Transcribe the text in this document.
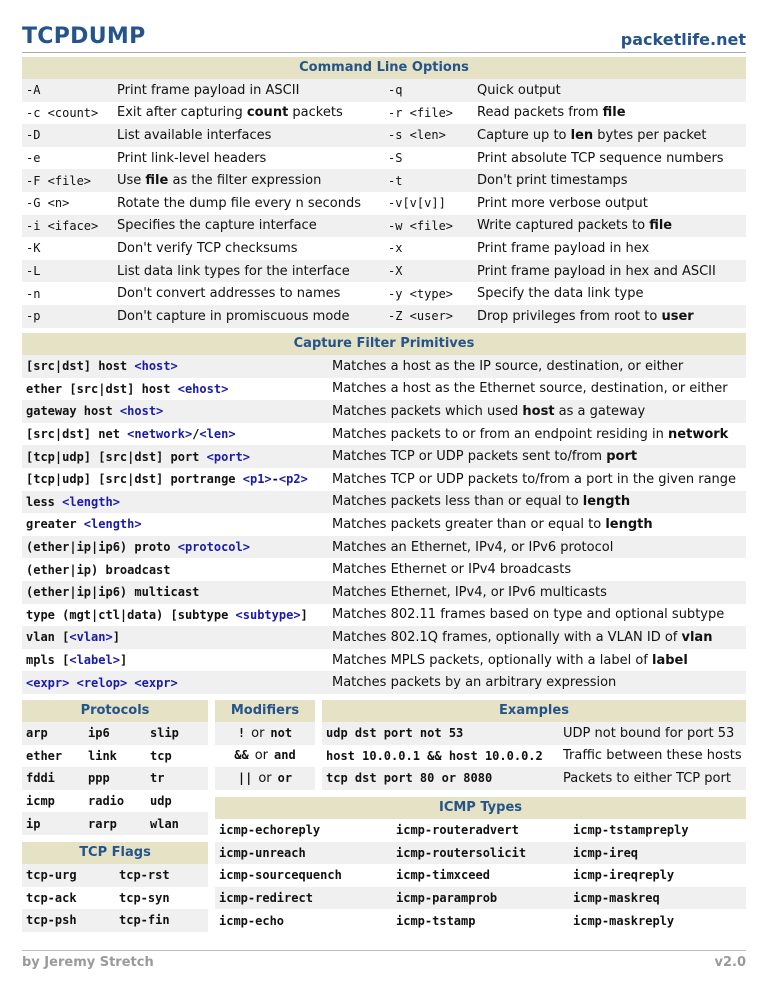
TCPDUMP	packetlife.net
Command Line Options
-A	Print frame payload in ASCII	-q	Quick output
-c <count>	Exit after capturing count packets	-r <file>	Read packets from file
-D	List available interfaces	-s <len>	Capture up to len bytes per packet
-e	Print link-level headers	-S	Print absolute TCP sequence numbers
-F <file>	Use file as the filter expression	-t	Don't print timestamps
-G <n>	Rotate the dump file every n seconds	-v[v[v]]	Print more verbose output
-i <iface>	Specifies the capture interface	-w <file>	Write captured packets to file
-K	Don't verify TCP checksums	-x	Print frame payload in hex
-L	List data link types for the interface	-X	Print frame payload in hex and ASCII
-n	Don't convert addresses to names	-y <type>	Specify the data link type
-p	Don't capture in promiscuous mode	-Z <user>	Drop privileges from root to user
Capture Filter Primitives
[src|dst] host <host>	Matches a host as the IP source, destination, or either
ether [src|dst] host <ehost>	Matches a host as the Ethernet source, destination, or either
gateway host <host>	Matches packets which used host as a gateway
[src|dst] net <network>/<len>	Matches packets to or from an endpoint residing in network
[tcp|udp] [src|dst] port <port>	Matches TCP or UDP packets sent to/from port
[tcp|udp] [src|dst] portrange <p1>-<p2>	Matches TCP or UDP packets to/from a port in the given range
less <length>	Matches packets less than or equal to length
greater <length>	Matches packets greater than or equal to length
(ether|ip|ip6) proto <protocol>	Matches an Ethernet, IPv4, or IPv6 protocol
(ether|ip) broadcast	Matches Ethernet or IPv4 broadcasts
(ether|ip|ip6) multicast	Matches Ethernet, IPv4, or IPv6 multicasts
type (mgt|ctl|data) [subtype <subtype>]	Matches 802.11 frames based on type and optional subtype
vlan [<vlan>]	Matches 802.1Q frames, optionally with a VLAN ID of vlan
mpls [<label>]	Matches MPLS packets, optionally with a label of label
<expr> <relop> <expr>	Matches packets by an arbitrary expression
Protocols
arp	ip6	slip
ether	link	tcp
fddi	ppp	tr
icmp	radio	udp
ip	rarp	wlan
TCP Flags
tcp-urg	tcp-rst
tcp-ack	tcp-syn
tcp-psh	tcp-fin
Modifiers
! or not
&& or and
|| or or
Examples
udp dst port not 53	UDP not bound for port 53
host 10.0.0.1 && host 10.0.0.2	Traffic between these hosts
tcp dst port 80 or 8080	Packets to either TCP port
ICMP Types
icmp-echoreply	icmp-routeradvert	icmp-tstampreply
icmp-unreach	icmp-routersolicit	icmp-ireq
icmp-sourcequench	icmp-timxceed	icmp-ireqreply
icmp-redirect	icmp-paramprob	icmp-maskreq
icmp-echo	icmp-tstamp	icmp-maskreply
by Jeremy Stretch	v2.0
